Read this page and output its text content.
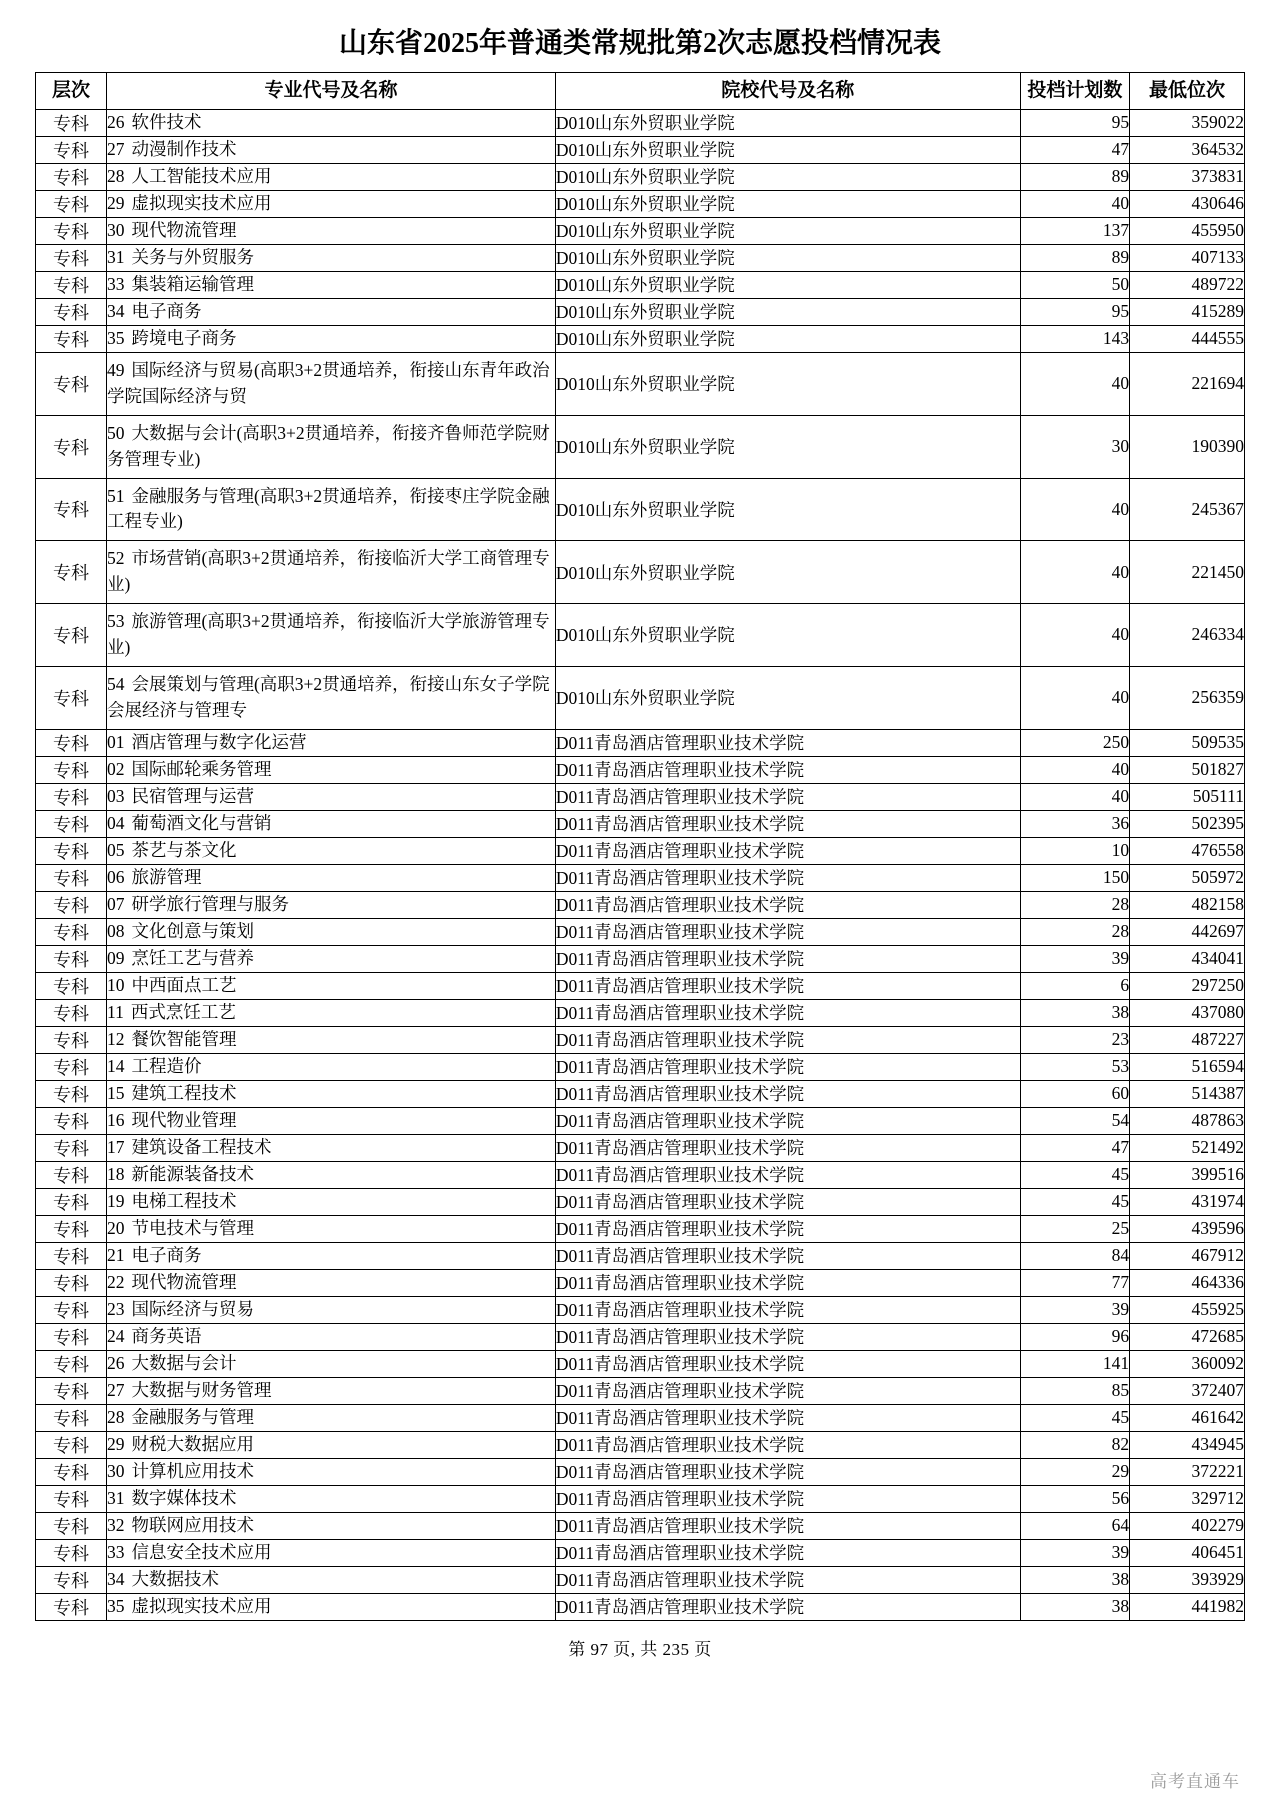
山东省2025年普通类常规批第2次志愿投档情况表
层次	专业代号及名称	院校代号及名称	投档计划数	最低位次
专科	26 软件技术	D010山东外贸职业学院	95	359022
专科	27 动漫制作技术	D010山东外贸职业学院	47	364532
专科	28 人工智能技术应用	D010山东外贸职业学院	89	373831
专科	29 虚拟现实技术应用	D010山东外贸职业学院	40	430646
专科	30 现代物流管理	D010山东外贸职业学院	137	455950
专科	31 关务与外贸服务	D010山东外贸职业学院	89	407133
专科	33 集装箱运输管理	D010山东外贸职业学院	50	489722
专科	34 电子商务	D010山东外贸职业学院	95	415289
专科	35 跨境电子商务	D010山东外贸职业学院	143	444555
专科	49 国际经济与贸易(高职3+2贯通培养，衔接山东青年政治学院国际经济与贸	D010山东外贸职业学院	40	221694
专科	50 大数据与会计(高职3+2贯通培养，衔接齐鲁师范学院财务管理专业)	D010山东外贸职业学院	30	190390
专科	51 金融服务与管理(高职3+2贯通培养，衔接枣庄学院金融工程专业)	D010山东外贸职业学院	40	245367
专科	52 市场营销(高职3+2贯通培养，衔接临沂大学工商管理专业)	D010山东外贸职业学院	40	221450
专科	53 旅游管理(高职3+2贯通培养，衔接临沂大学旅游管理专业)	D010山东外贸职业学院	40	246334
专科	54 会展策划与管理(高职3+2贯通培养，衔接山东女子学院会展经济与管理专	D010山东外贸职业学院	40	256359
专科	01 酒店管理与数字化运营	D011青岛酒店管理职业技术学院	250	509535
专科	02 国际邮轮乘务管理	D011青岛酒店管理职业技术学院	40	501827
专科	03 民宿管理与运营	D011青岛酒店管理职业技术学院	40	505111
专科	04 葡萄酒文化与营销	D011青岛酒店管理职业技术学院	36	502395
专科	05 茶艺与茶文化	D011青岛酒店管理职业技术学院	10	476558
专科	06 旅游管理	D011青岛酒店管理职业技术学院	150	505972
专科	07 研学旅行管理与服务	D011青岛酒店管理职业技术学院	28	482158
专科	08 文化创意与策划	D011青岛酒店管理职业技术学院	28	442697
专科	09 烹饪工艺与营养	D011青岛酒店管理职业技术学院	39	434041
专科	10 中西面点工艺	D011青岛酒店管理职业技术学院	6	297250
专科	11 西式烹饪工艺	D011青岛酒店管理职业技术学院	38	437080
专科	12 餐饮智能管理	D011青岛酒店管理职业技术学院	23	487227
专科	14 工程造价	D011青岛酒店管理职业技术学院	53	516594
专科	15 建筑工程技术	D011青岛酒店管理职业技术学院	60	514387
专科	16 现代物业管理	D011青岛酒店管理职业技术学院	54	487863
专科	17 建筑设备工程技术	D011青岛酒店管理职业技术学院	47	521492
专科	18 新能源装备技术	D011青岛酒店管理职业技术学院	45	399516
专科	19 电梯工程技术	D011青岛酒店管理职业技术学院	45	431974
专科	20 节电技术与管理	D011青岛酒店管理职业技术学院	25	439596
专科	21 电子商务	D011青岛酒店管理职业技术学院	84	467912
专科	22 现代物流管理	D011青岛酒店管理职业技术学院	77	464336
专科	23 国际经济与贸易	D011青岛酒店管理职业技术学院	39	455925
专科	24 商务英语	D011青岛酒店管理职业技术学院	96	472685
专科	26 大数据与会计	D011青岛酒店管理职业技术学院	141	360092
专科	27 大数据与财务管理	D011青岛酒店管理职业技术学院	85	372407
专科	28 金融服务与管理	D011青岛酒店管理职业技术学院	45	461642
专科	29 财税大数据应用	D011青岛酒店管理职业技术学院	82	434945
专科	30 计算机应用技术	D011青岛酒店管理职业技术学院	29	372221
专科	31 数字媒体技术	D011青岛酒店管理职业技术学院	56	329712
专科	32 物联网应用技术	D011青岛酒店管理职业技术学院	64	402279
专科	33 信息安全技术应用	D011青岛酒店管理职业技术学院	39	406451
专科	34 大数据技术	D011青岛酒店管理职业技术学院	38	393929
专科	35 虚拟现实技术应用	D011青岛酒店管理职业技术学院	38	441982
第 97 页, 共 235 页
高考直通车
